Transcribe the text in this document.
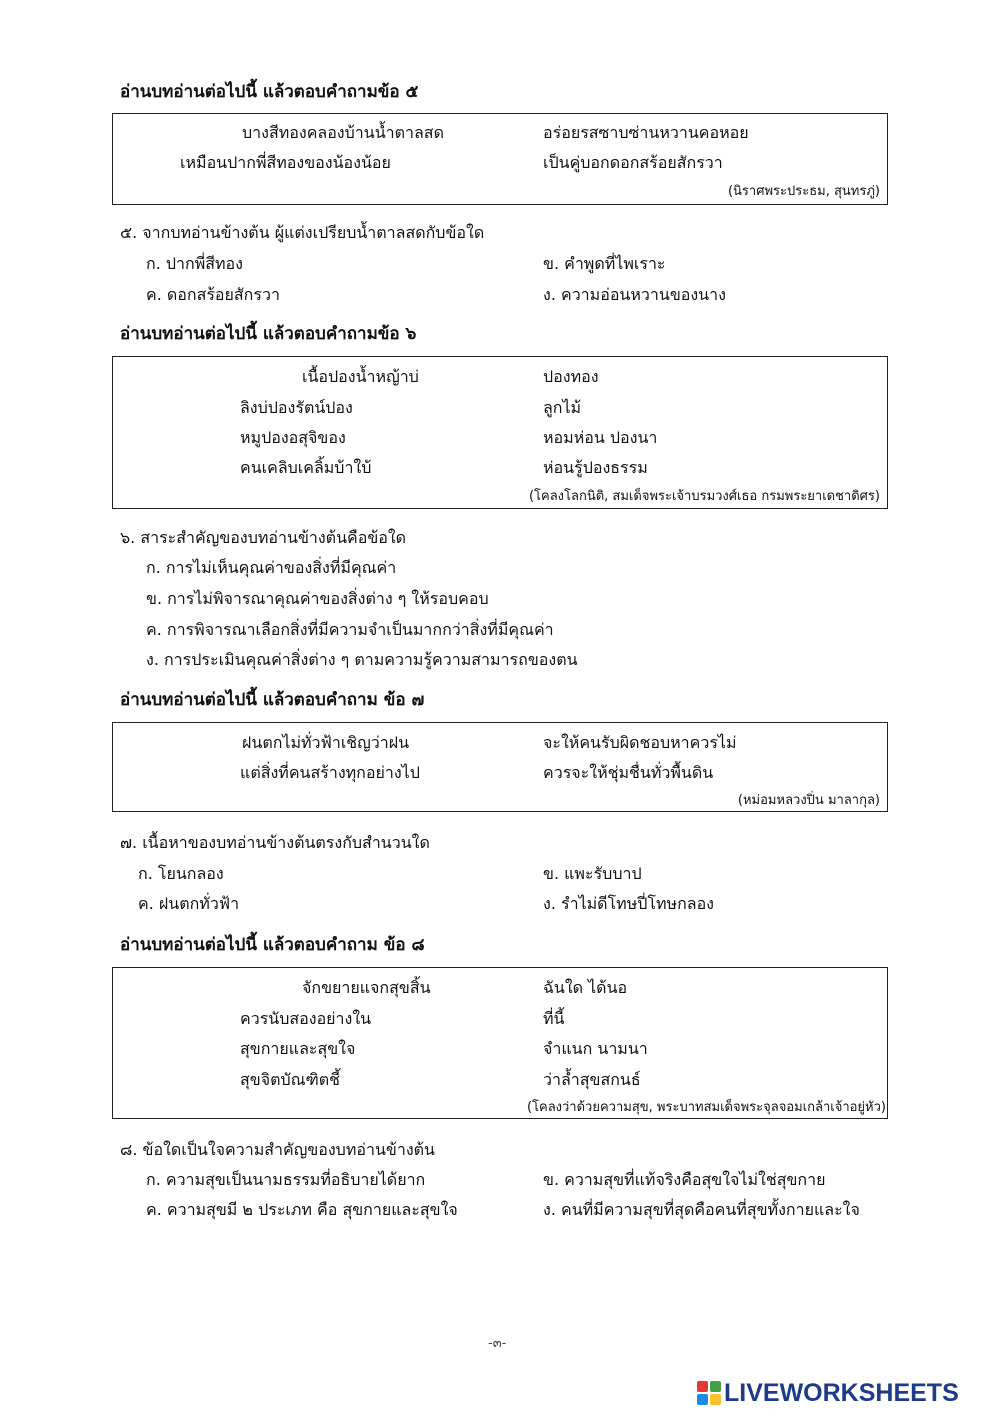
อ่านบทอ่านต่อไปนี้ แล้วตอบคำถามข้อ ๕
บางสีทองคลองบ้านน้ำตาลสด	อร่อยรสซาบซ่านหวานคอหอย
เหมือนปากพี่สีทองของน้องน้อย	เป็นคู่บอกดอกสร้อยสักรวา
(นิราศพระประธม, สุนทรภู่)
๕. จากบทอ่านข้างต้น ผู้แต่งเปรียบน้ำตาลสดกับข้อใด
ก. ปากพี่สีทอง	ข. คำพูดที่ไพเราะ
ค. ดอกสร้อยสักรวา	ง. ความอ่อนหวานของนาง
อ่านบทอ่านต่อไปนี้ แล้วตอบคำถามข้อ ๖
เนื้อปองน้ำหญ้าบ่	ปองทอง
ลิงบ่ปองรัตน์ปอง	ลูกไม้
หมูปองอสุจิของ	หอมห่อน ปองนา
คนเคลิบเคลิ้มบ้าใบ้	ห่อนรู้ปองธรรม
(โคลงโลกนิติ, สมเด็จพระเจ้าบรมวงศ์เธอ กรมพระยาเดชาดิศร)
๖. สาระสำคัญของบทอ่านข้างต้นคือข้อใด
ก. การไม่เห็นคุณค่าของสิ่งที่มีคุณค่า
ข. การไม่พิจารณาคุณค่าของสิ่งต่าง ๆ ให้รอบคอบ
ค. การพิจารณาเลือกสิ่งที่มีความจำเป็นมากกว่าสิ่งที่มีคุณค่า
ง. การประเมินคุณค่าสิ่งต่าง ๆ ตามความรู้ความสามารถของตน
อ่านบทอ่านต่อไปนี้ แล้วตอบคำถาม ข้อ ๗
ฝนตกไม่ทั่วฟ้าเชิญว่าฝน	จะให้คนรับผิดชอบหาควรไม่
แต่สิ่งที่คนสร้างทุกอย่างไป	ควรจะให้ชุ่มชื่นทั่วพื้นดิน
(หม่อมหลวงปิ่น มาลากุล)
๗. เนื้อหาของบทอ่านข้างต้นตรงกับสำนวนใด
ก. โยนกลอง	ข. แพะรับบาป
ค. ฝนตกทั่วฟ้า	ง. รำไม่ดีโทษปี่โทษกลอง
อ่านบทอ่านต่อไปนี้ แล้วตอบคำถาม ข้อ ๘
จักขยายแจกสุขสิ้น	ฉันใด ได้นอ
ควรนับสองอย่างใน	ที่นี้
สุขกายและสุขใจ	จำแนก นามนา
สุขจิตบัณฑิตชี้	ว่าล้ำสุขสกนธ์
(โคลงว่าด้วยความสุข, พระบาทสมเด็จพระจุลจอมเกล้าเจ้าอยู่หัว)
๘. ข้อใดเป็นใจความสำคัญของบทอ่านข้างต้น
ก. ความสุขเป็นนามธรรมที่อธิบายได้ยาก	ข. ความสุขที่แท้จริงคือสุขใจไม่ใช่สุขกาย
ค. ความสุขมี ๒ ประเภท คือ สุขกายและสุขใจ	ง. คนที่มีความสุขที่สุดคือคนที่สุขทั้งกายและใจ
-๓-
LIVEWORKSHEETS
